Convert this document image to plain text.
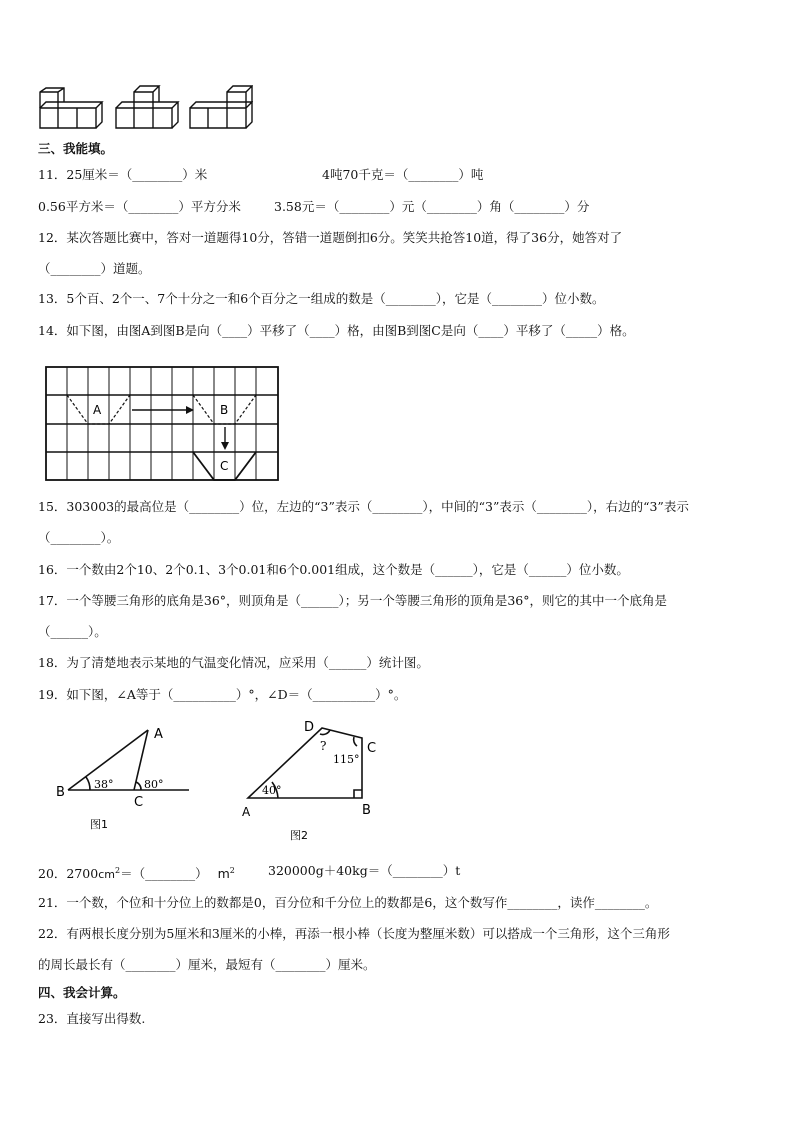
三、我能填。
11．25厘米＝（________）米	4吨70千克＝（________）吨
0.56平方米＝（________）平方分米	3.58元＝（________）元（________）角（________）分
12．某次答题比赛中，答对一道题得10分，答错一道题倒扣6分。笑笑共抢答10道，得了36分，她答对了
（________）道题。
13．5个百、2个一、7个十分之一和6个百分之一组成的数是（________），它是（________）位小数。
14．如下图，由图A到图B是向（____）平移了（____）格，由图B到图C是向（____）平移了（_____）格。
A	B
C
15．303003的最高位是（________）位，左边的“3”表示（________），中间的“3”表示（________），右边的“3”表示
（________）。
16．一个数由2个10、2个0.1、3个0.01和6个0.001组成，这个数是（______），它是（______）位小数。
17．一个等腰三角形的底角是36°，则顶角是（______）；另一个等腰三角形的顶角是36°，则它的其中一个底角是
（______）。
18．为了清楚地表示某地的气温变化情况，应采用（______）统计图。
19．如下图，∠A等于（__________）°，∠D＝（__________）°。
B
A
C
38°	80°
图1
D
C
A	B
40°
115°
?
图2
20．$2700cm^2=(\_\_\_\_\_\_\_\_)$ $m^2$	320000g＋40kg＝（________）t
21．一个数，个位和十分位上的数都是0，百分位和千分位上的数都是6，这个数写作________，读作________。
22．有两根长度分别为5厘米和3厘米的小棒，再添一根小棒（长度为整厘米数）可以搭成一个三角形，这个三角形
的周长最长有（________）厘米，最短有（________）厘米。
四、我会计算。
23．直接写出得数.
